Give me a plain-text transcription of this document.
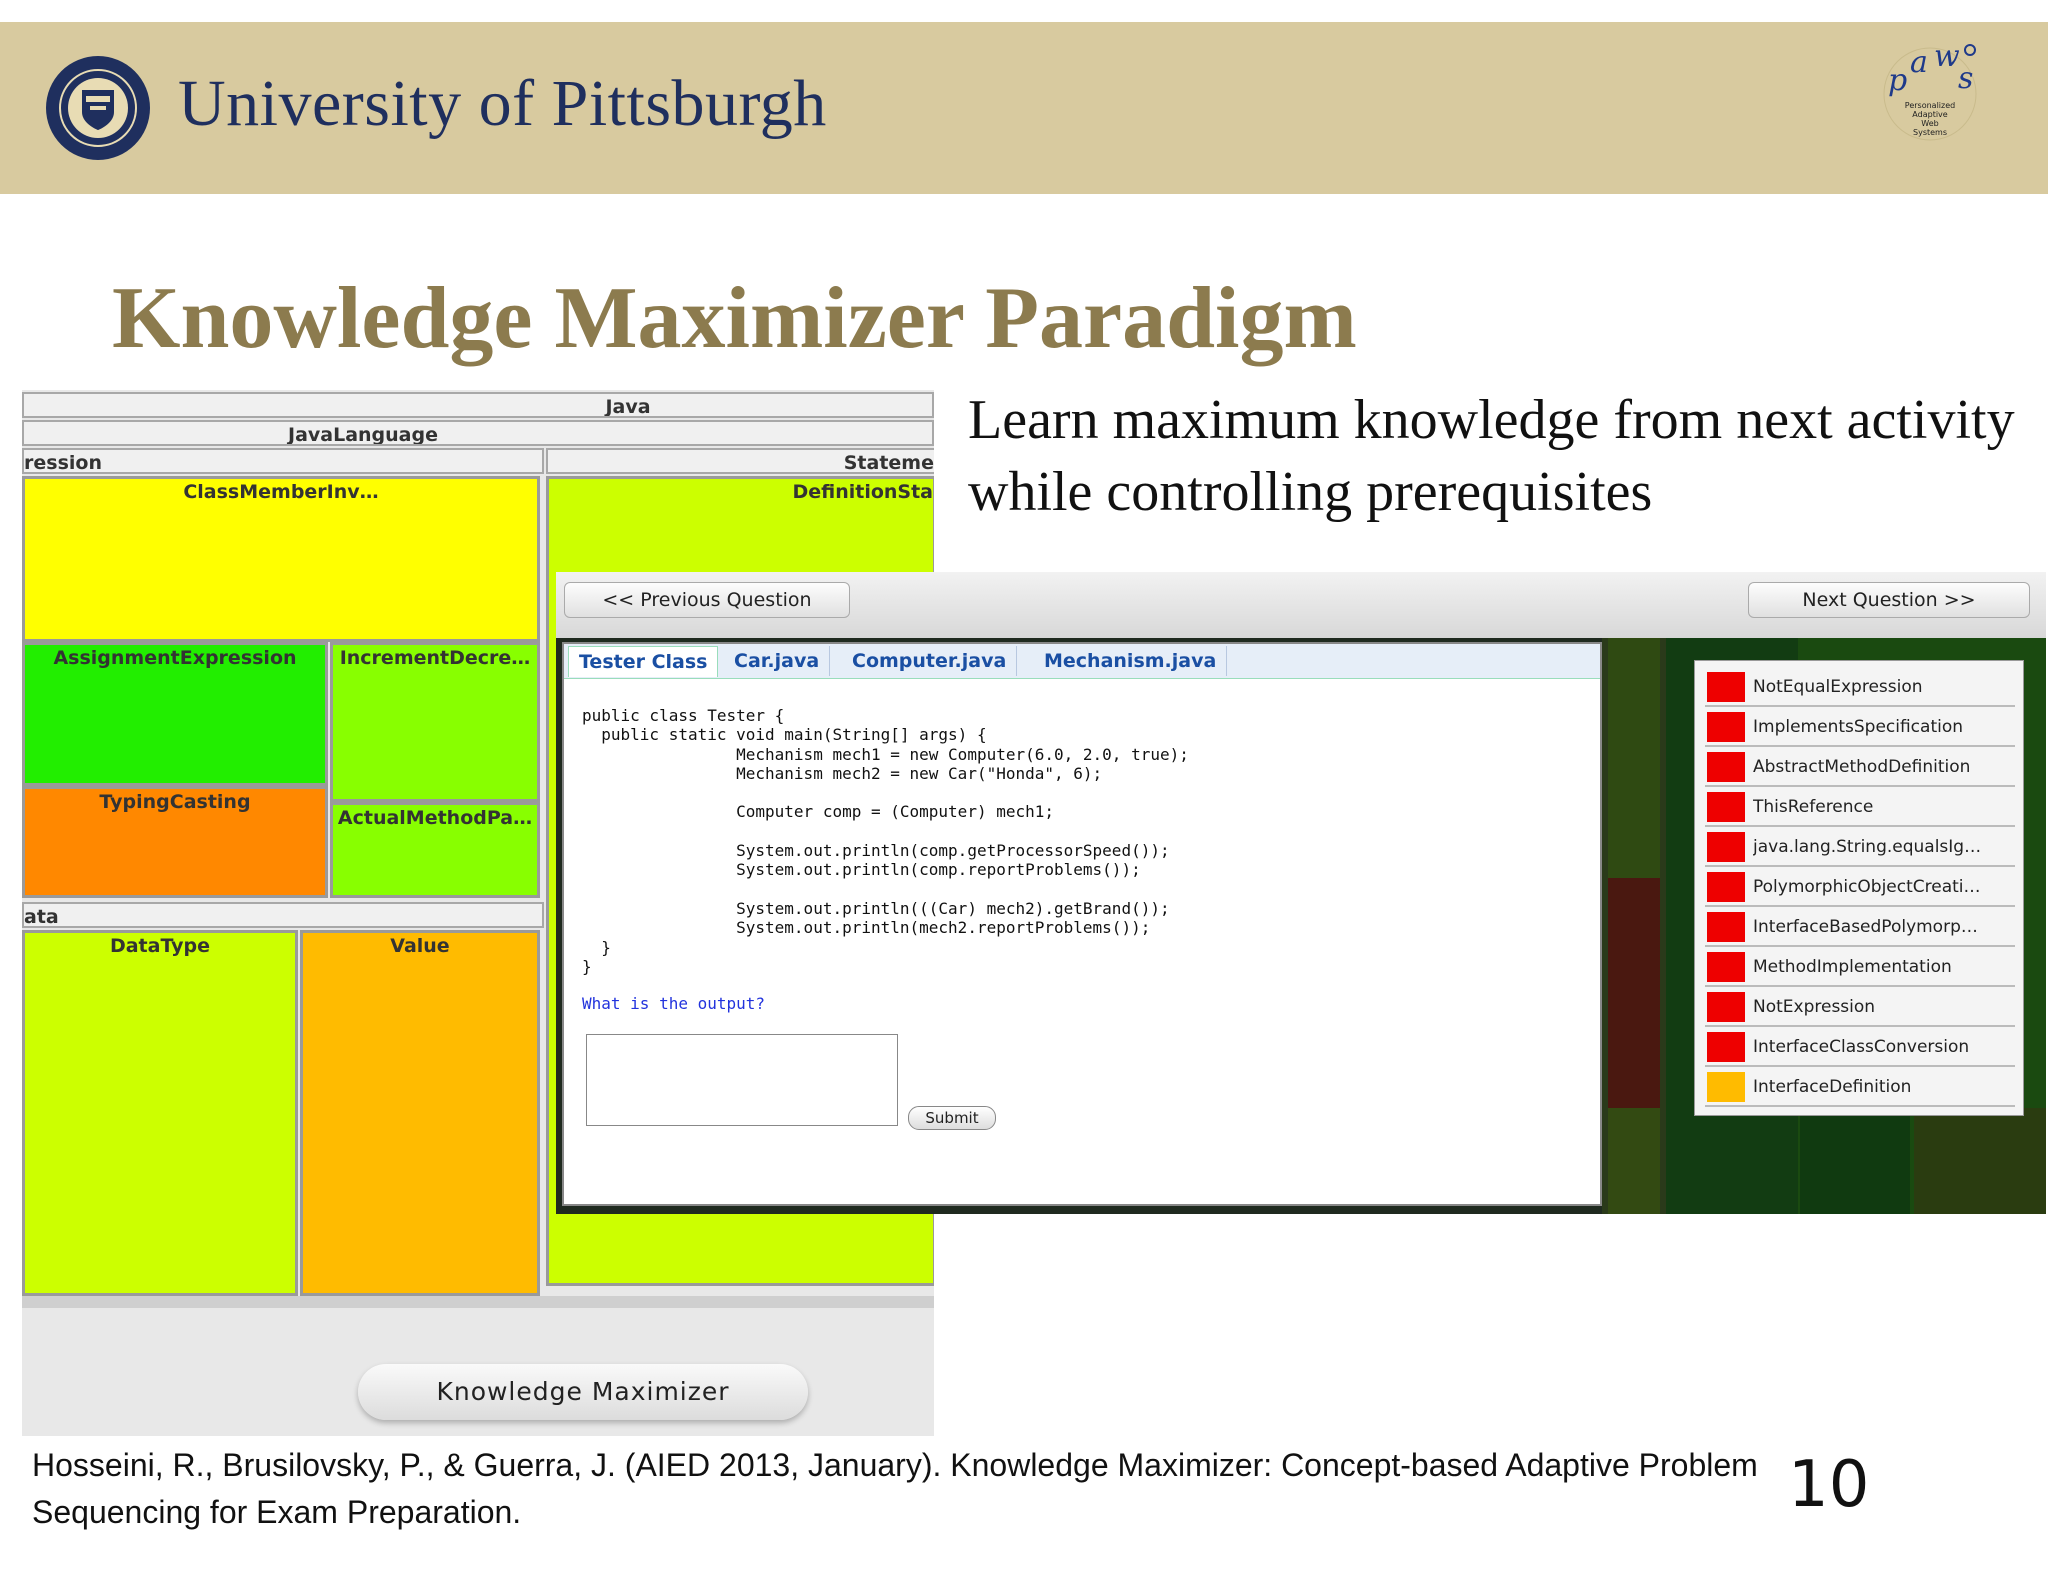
University of Pittsburgh	p
a w
s
Personalized
Adaptive
Web
Systems
Knowledge Maximizer Paradigm
Learn maximum knowledge from next activity while controlling prerequisites
Java
JavaLanguage
ression	Stateme
ClassMemberInv…	DefinitionSta
AssignmentExpression	IncrementDecre…
TypingCasting
ActualMethodPa…
ata
DataType	Value
Knowledge Maximizer
<< Previous Question	Next Question >>
Tester Class	Car.java	Computer.java	Mechanism.java
public class Tester {
public static void main(String[] args) {
Mechanism mech1 = new Computer(6.0, 2.0, true);
Mechanism mech2 = new Car("Honda", 6);

Computer comp = (Computer) mech1;

System.out.println(comp.getProcessorSpeed());
System.out.println(comp.reportProblems());

System.out.println(((Car) mech2).getBrand());
System.out.println(mech2.reportProblems());
}
}
What is the output?
Submit
NotEqualExpression
ImplementsSpecification
AbstractMethodDefinition
ThisReference
java.lang.String.equalsIg…
PolymorphicObjectCreati…
InterfaceBasedPolymorp…
MethodImplementation
NotExpression
InterfaceClassConversion
InterfaceDefinition
Hosseini, R., Brusilovsky, P., & Guerra, J. (AIED 2013, January). Knowledge Maximizer: Concept-based Adaptive Problem Sequencing for Exam Preparation.	10
